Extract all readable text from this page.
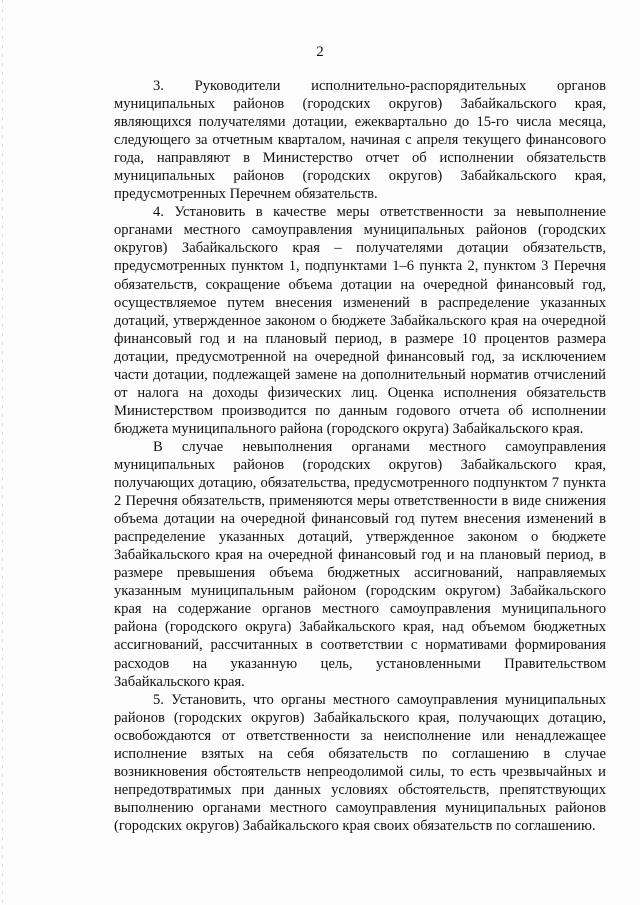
2

3. Руководители исполнительно-распорядительных органов муниципальных районов (городских округов) Забайкальского края, являющихся получателями дотации, ежеквартально до 15-го числа месяца, следующего за отчетным кварталом, начиная с апреля текущего финансового года, направляют в Министерство отчет об исполнении обязательств муниципальных районов (городских округов) Забайкальского края, предусмотренных Перечнем обязательств.

4. Установить в качестве меры ответственности за невыполнение органами местного самоуправления муниципальных районов (городских округов) Забайкальского края – получателями дотации обязательств, предусмотренных пунктом 1, подпунктами 1–6 пункта 2, пунктом 3 Перечня обязательств, сокращение объема дотации на очередной финансовый год, осуществляемое путем внесения изменений в распределение указанных дотаций, утвержденное законом о бюджете Забайкальского края на очередной финансовый год и на плановый период, в размере 10 процентов размера дотации, предусмотренной на очередной финансовый год, за исключением части дотации, подлежащей замене на дополнительный норматив отчислений от налога на доходы физических лиц. Оценка исполнения обязательств Министерством производится по данным годового отчета об исполнении бюджета муниципального района (городского округа) Забайкальского края.

В случае невыполнения органами местного самоуправления муниципальных районов (городских округов) Забайкальского края, получающих дотацию, обязательства, предусмотренного подпунктом 7 пункта 2 Перечня обязательств, применяются меры ответственности в виде снижения объема дотации на очередной финансовый год путем внесения изменений в распределение указанных дотаций, утвержденное законом о бюджете Забайкальского края на очередной финансовый год и на плановый период, в размере превышения объема бюджетных ассигнований, направляемых указанным муниципальным районом (городским округом) Забайкальского края на содержание органов местного самоуправления муниципального района (городского округа) Забайкальского края, над объемом бюджетных ассигнований, рассчитанных в соответствии с нормативами формирования расходов на указанную цель, установленными Правительством Забайкальского края.

5. Установить, что органы местного самоуправления муниципальных районов (городских округов) Забайкальского края, получающих дотацию, освобождаются от ответственности за неисполнение или ненадлежащее исполнение взятых на себя обязательств по соглашению в случае возникновения обстоятельств непреодолимой силы, то есть чрезвычайных и непредотвратимых при данных условиях обстоятельств, препятствующих выполнению органами местного самоуправления муниципальных районов (городских округов) Забайкальского края своих обязательств по соглашению.
